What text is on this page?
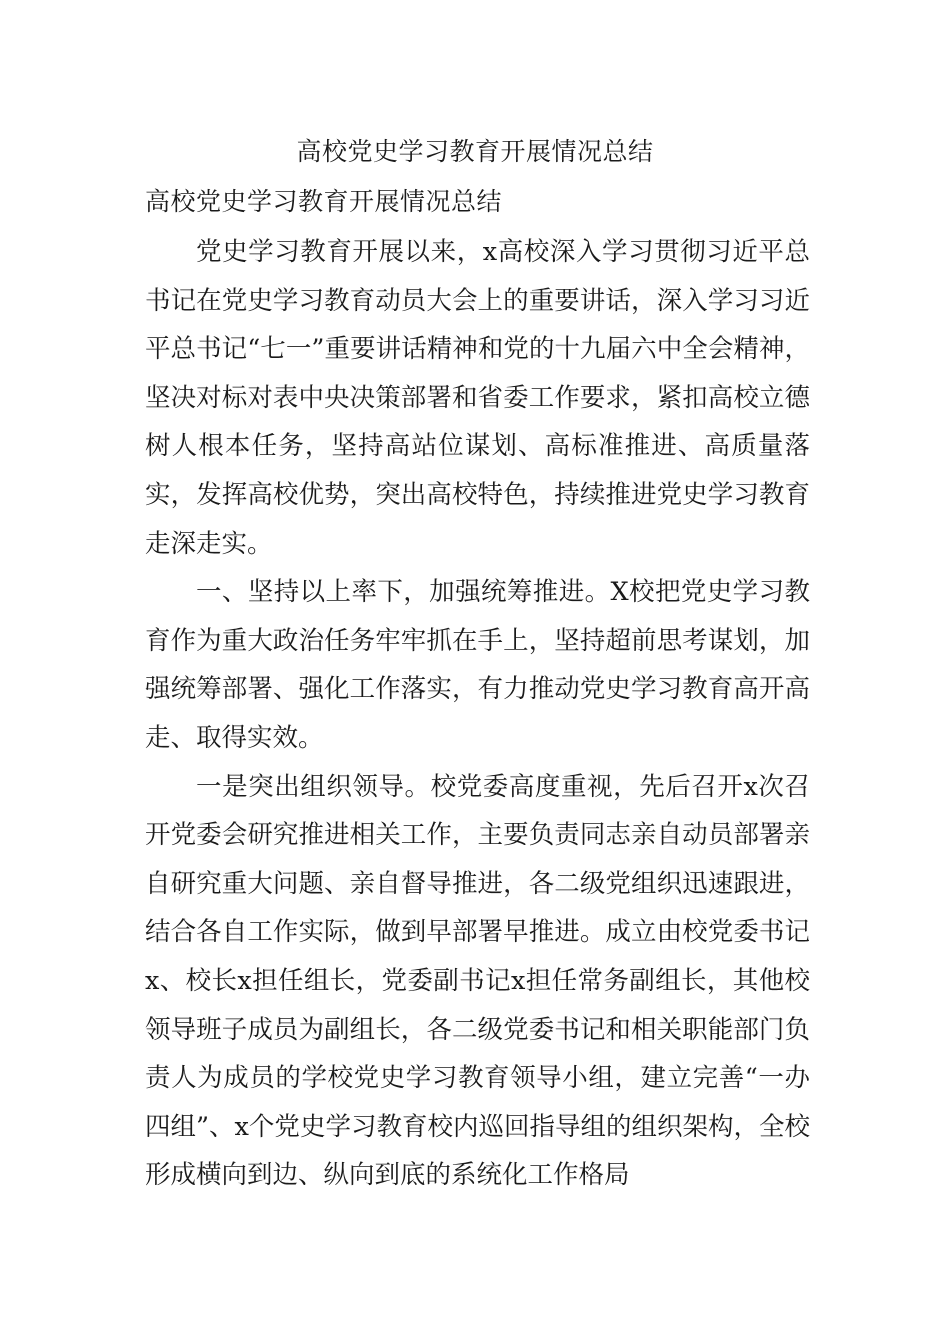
高校党史学习教育开展情况总结
高校党史学习教育开展情况总结

党史学习教育开展以来，x高校深入学习贯彻习近平总书记在党史学习教育动员大会上的重要讲话，深入学习习近平总书记“七一”重要讲话精神和党的十九届六中全会精神，坚决对标对表中央决策部署和省委工作要求，紧扣高校立德树人根本任务，坚持高站位谋划、高标准推进、高质量落实，发挥高校优势，突出高校特色，持续推进党史学习教育走深走实。

一、坚持以上率下，加强统筹推进。X校把党史学习教育作为重大政治任务牢牢抓在手上，坚持超前思考谋划，加强统筹部署、强化工作落实，有力推动党史学习教育高开高走、取得实效。

一是突出组织领导。校党委高度重视，先后召开x次召开党委会研究推进相关工作，主要负责同志亲自动员部署亲自研究重大问题、亲自督导推进，各二级党组织迅速跟进，结合各自工作实际，做到早部署早推进。成立由校党委书记x、校长x担任组长，党委副书记x担任常务副组长，其他校领导班子成员为副组长，各二级党委书记和相关职能部门负责人为成员的学校党史学习教育领导小组，建立完善“一办四组”、x个党史学习教育校内巡回指导组的组织架构，全校形成横向到边、纵向到底的系统化工作格局
